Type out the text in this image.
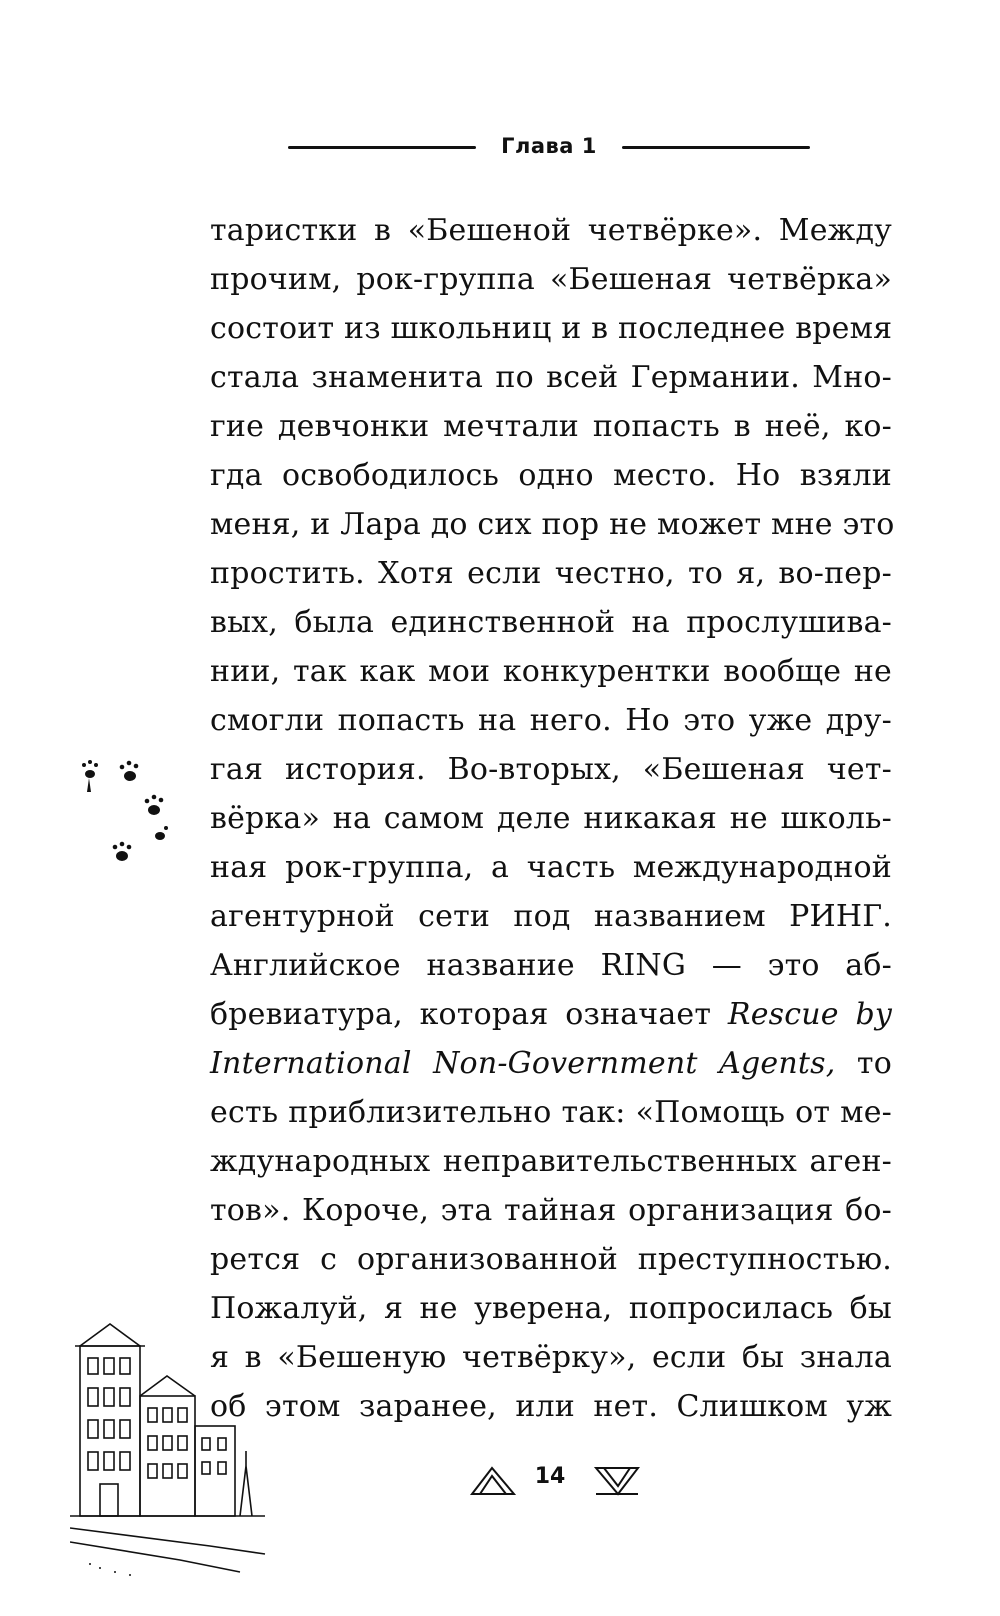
Глава 1
таристки в «Бешеной четвёрке». Между
прочим, рок-группа «Бешеная четвёрка»
состоит из школьниц и в последнее время
стала знаменита по всей Германии. Мно-
гие девчонки мечтали попасть в неё, ко-
гда освободилось одно место. Но взяли
меня, и Лара до сих пор не может мне это
простить. Хотя если честно, то я, во-пер-
вых, была единственной на прослушива-
нии, так как мои конкурентки вообще не
смогли попасть на него. Но это уже дру-
гая история. Во-вторых, «Бешеная чет-
вёрка» на самом деле никакая не школь-
ная рок-группа, а часть международной
агентурной сети под названием РИНГ.
Английское название RING — это аб-
бревиатура, которая означает Rescue by
International Non-Government Agents, то
есть приблизительно так: «Помощь от ме-
ждународных неправительственных аген-
тов». Короче, эта тайная организация бо-
рется с организованной преступностью.
Пожалуй, я не уверена, попросилась бы
я в «Бешеную четвёрку», если бы знала
об этом заранее, или нет. Слишком уж
14
